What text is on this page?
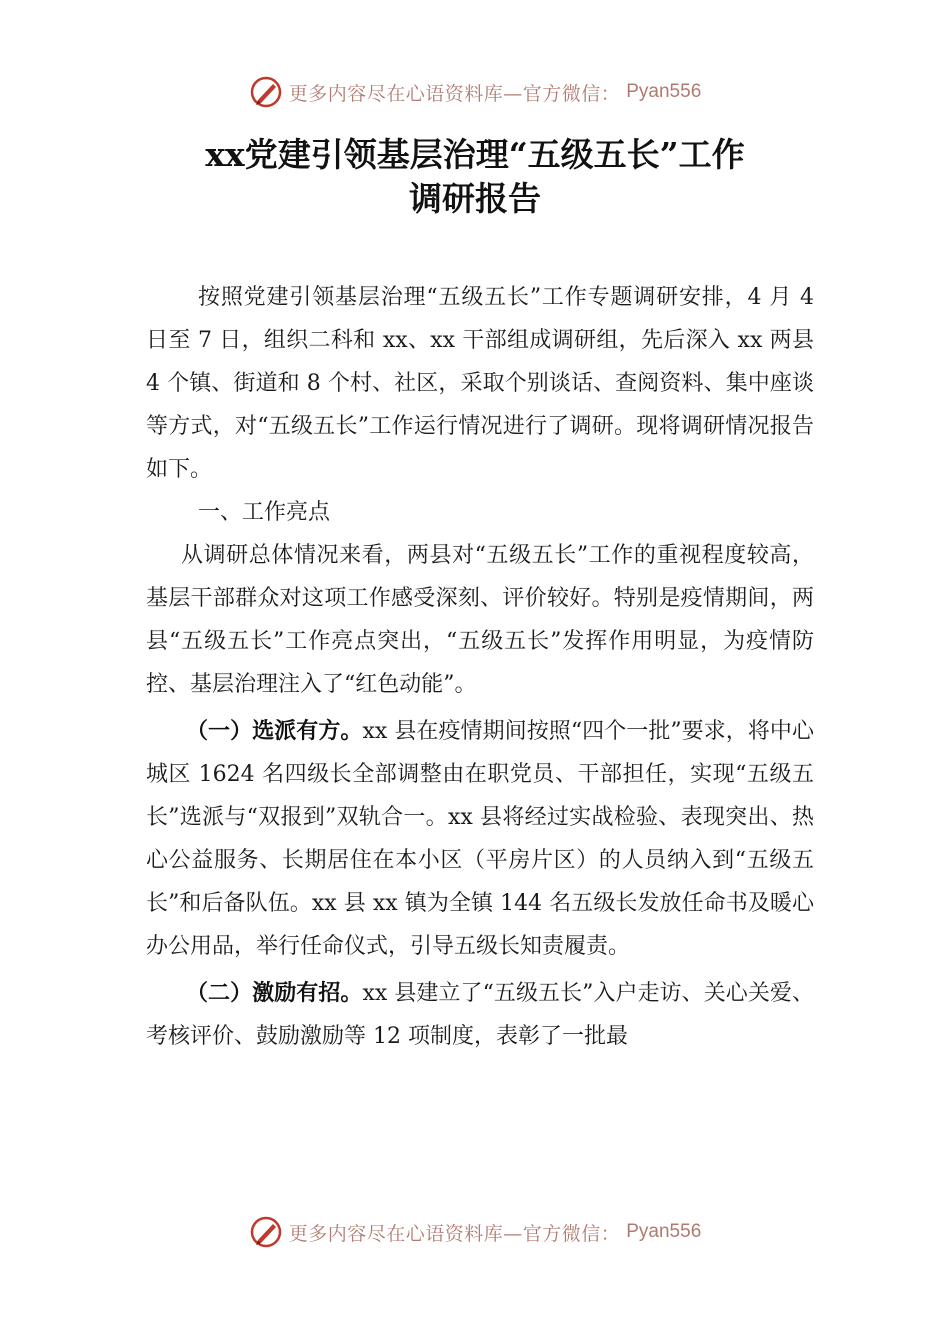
更多内容尽在心语资料库—官方微信： Pyan556
xx党建引领基层治理“五级五长”工作
调研报告

按照党建引领基层治理“五级五长”工作专题调研安排，4 月 4 日至 7 日，组织二科和 xx、xx 干部组成调研组，先后深入 xx 两县 4 个镇、街道和 8 个村、社区，采取个别谈话、查阅资料、集中座谈等方式，对“五级五长”工作运行情况进行了调研。现将调研情况报告如下。

一、工作亮点

从调研总体情况来看，两县对“五级五长”工作的重视程度较高，基层干部群众对这项工作感受深刻、评价较好。特别是疫情期间，两县“五级五长”工作亮点突出，“五级五长”发挥作用明显，为疫情防控、基层治理注入了“红色动能”。

（一）选派有方。xx 县在疫情期间按照“四个一批”要求，将中心城区 1624 名四级长全部调整由在职党员、干部担任，实现“五级五长”选派与“双报到”双轨合一。xx 县将经过实战检验、表现突出、热心公益服务、长期居住在本小区（平房片区）的人员纳入到“五级五长”和后备队伍。xx 县 xx 镇为全镇 144 名五级长发放任命书及暖心办公用品，举行任命仪式，引导五级长知责履责。

（二）激励有招。xx 县建立了“五级五长”入户走访、关心关爱、考核评价、鼓励激励等 12 项制度，表彰了一批最

更多内容尽在心语资料库—官方微信： Pyan556
